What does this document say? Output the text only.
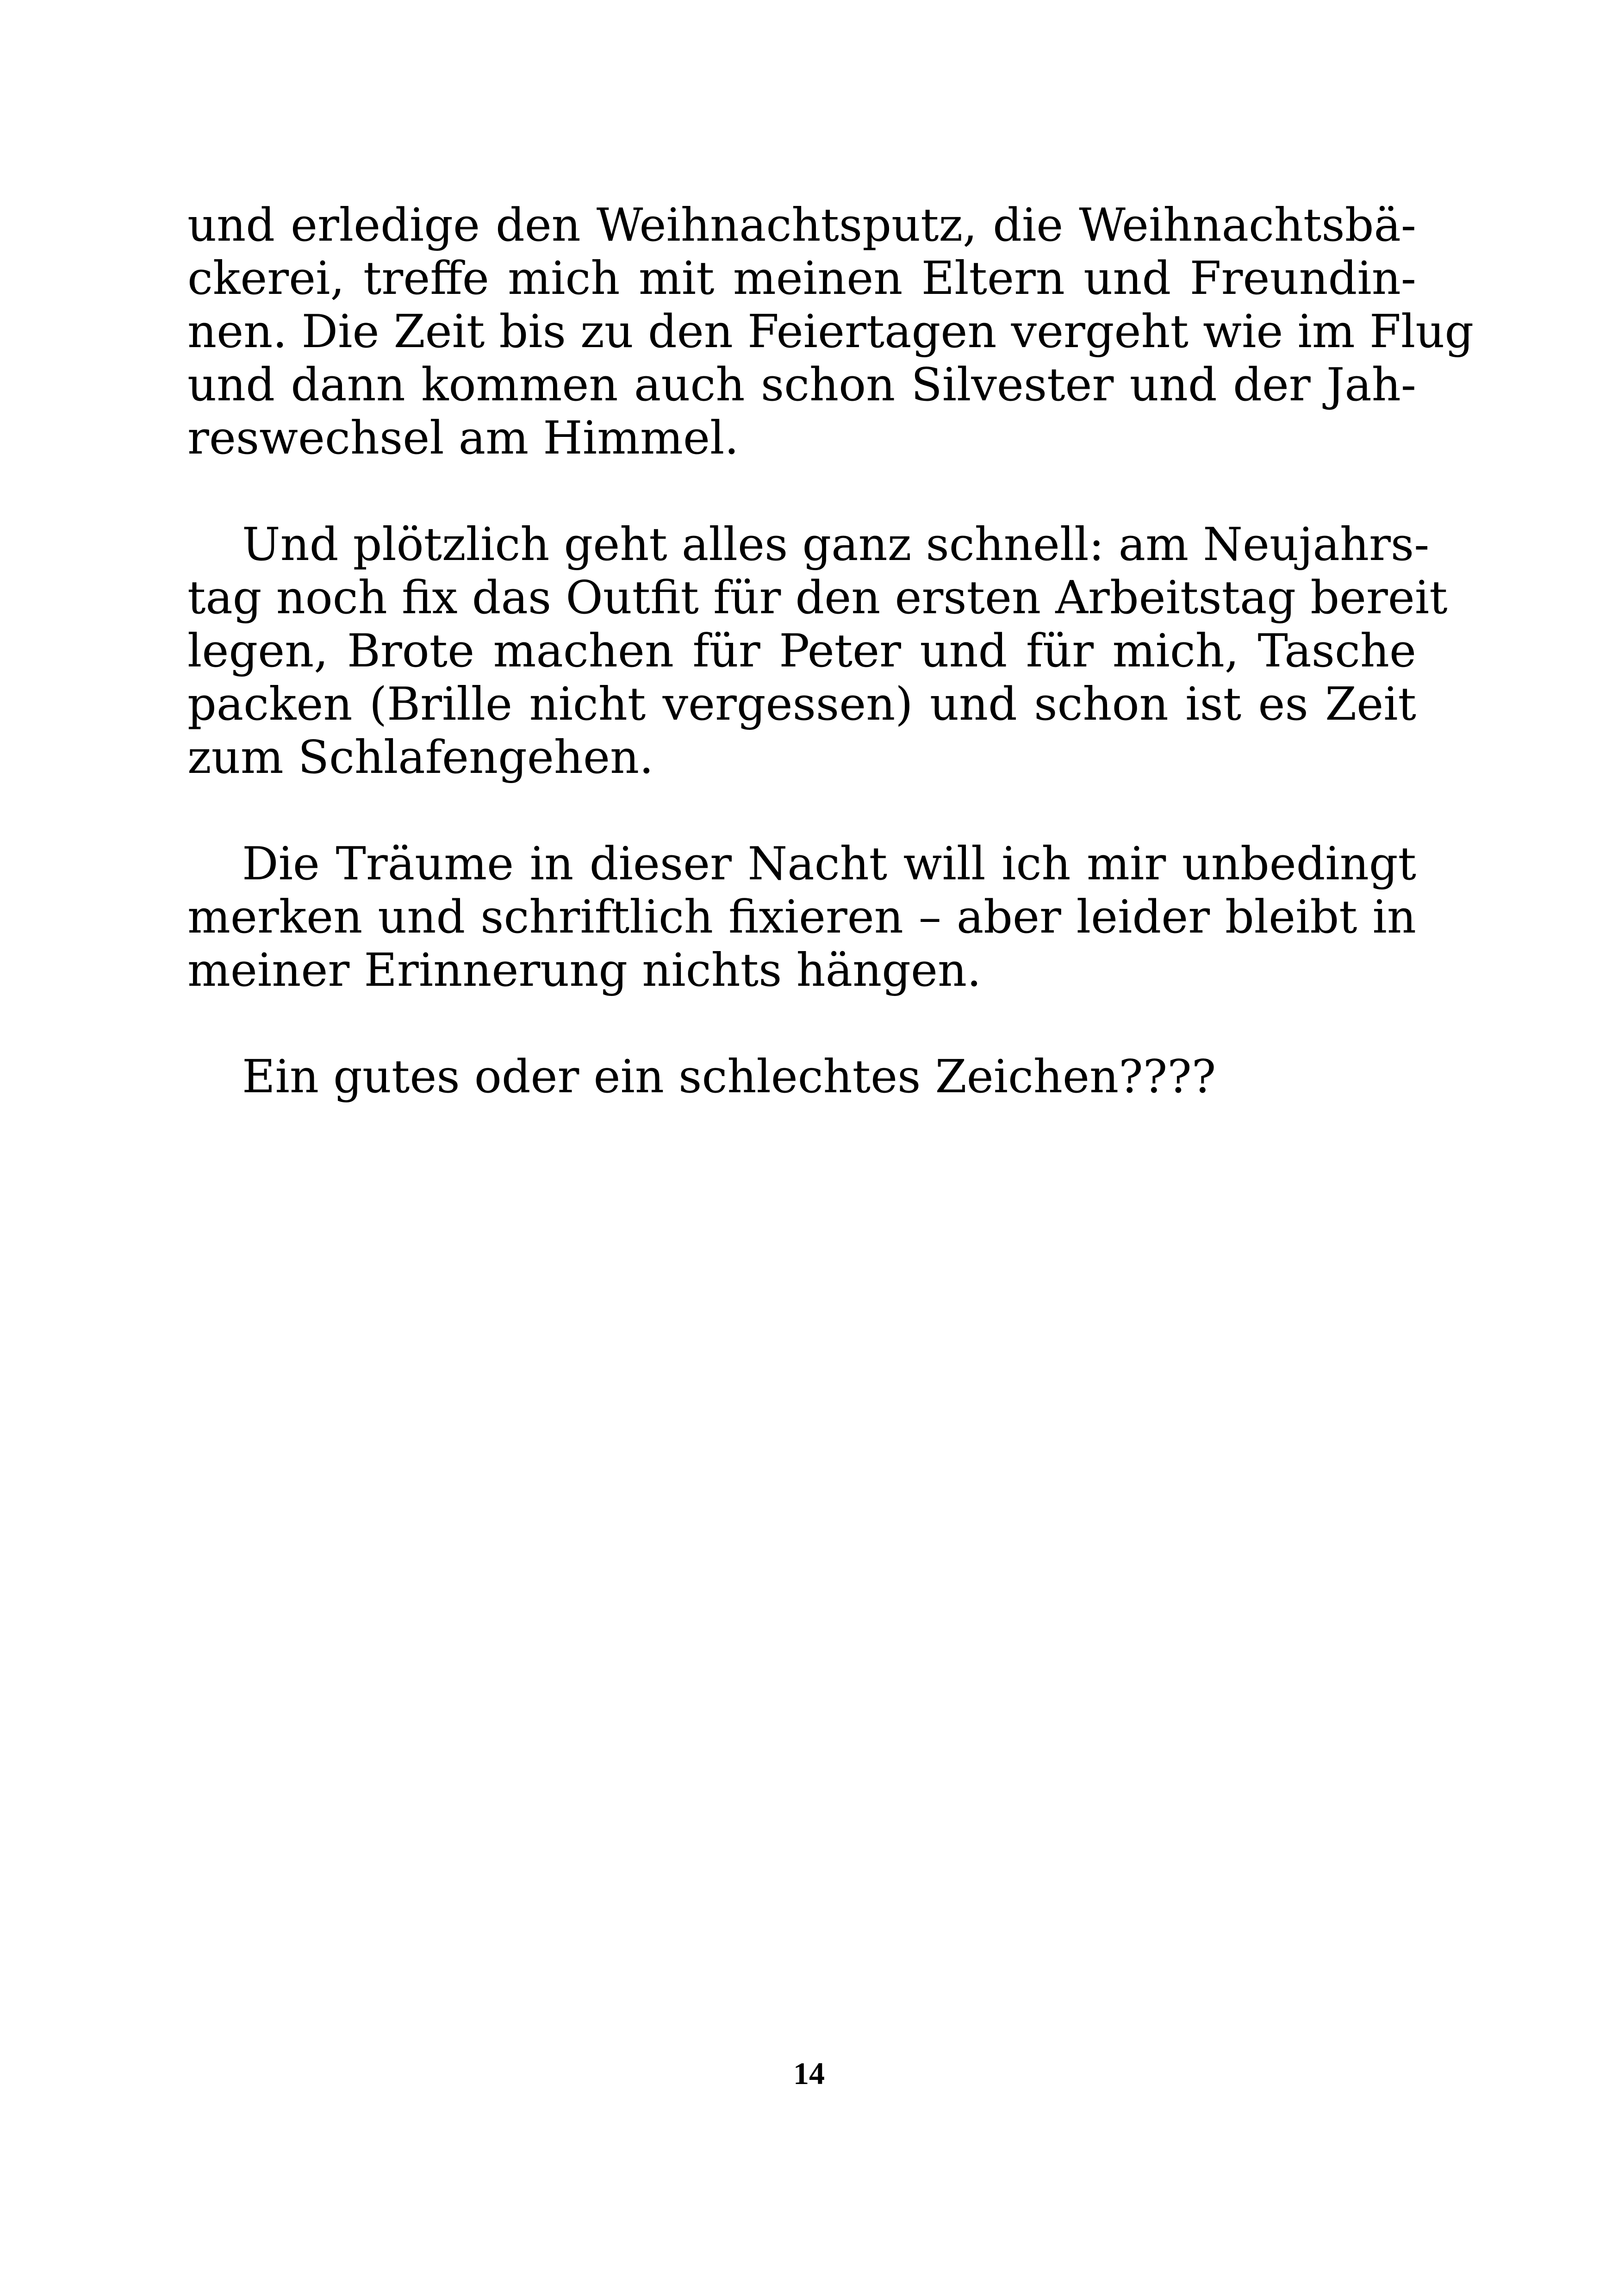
und erledige den Weihnachtsputz, die Weihnachtsbä-
ckerei, treffe mich mit meinen Eltern und Freundin-
nen. Die Zeit bis zu den Feiertagen vergeht wie im Flug
und dann kommen auch schon Silvester und der Jah-
reswechsel am Himmel.
Und plötzlich geht alles ganz schnell: am Neujahrs-
tag noch fix das Outfit für den ersten Arbeitstag bereit
legen, Brote machen für Peter und für mich, Tasche
packen (Brille nicht vergessen) und schon ist es Zeit
zum Schlafengehen.
Die Träume in dieser Nacht will ich mir unbedingt
merken und schriftlich fixieren – aber leider bleibt in
meiner Erinnerung nichts hängen.
Ein gutes oder ein schlechtes Zeichen????
14
